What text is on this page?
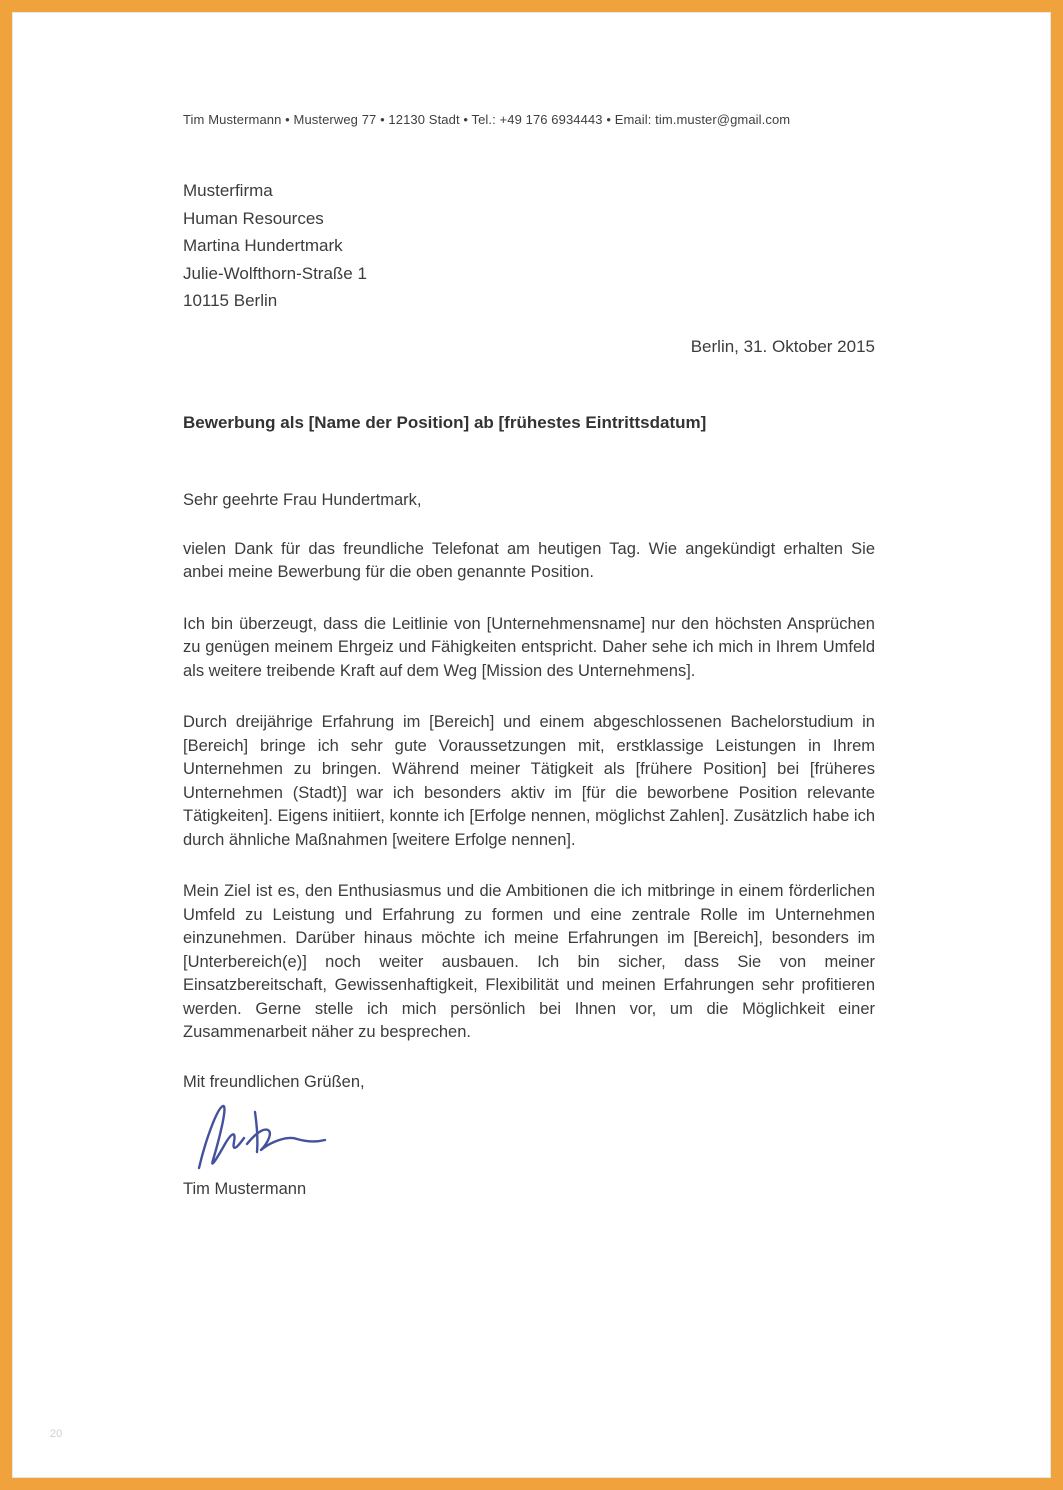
Tim Mustermann • Musterweg 77 • 12130 Stadt • Tel.: +49 176 6934443 • Email: tim.muster@gmail.com

Musterfirma
Human Resources
Martina Hundertmark
Julie-Wolfthorn-Straße 1
10115 Berlin
Berlin, 31. Oktober 2015
Bewerbung als [Name der Position] ab [frühestes Eintrittsdatum]
Sehr geehrte Frau Hundertmark,

vielen Dank für das freundliche Telefonat am heutigen Tag. Wie angekündigt erhalten Sie anbei meine Bewerbung für die oben genannte Position.

Ich bin überzeugt, dass die Leitlinie von [Unternehmensname] nur den höchsten Ansprüchen zu genügen meinem Ehrgeiz und Fähigkeiten entspricht. Daher sehe ich mich in Ihrem Umfeld als weitere treibende Kraft auf dem Weg [Mission des Unternehmens].

Durch dreijährige Erfahrung im [Bereich] und einem abgeschlossenen Bachelorstudium in [Bereich] bringe ich sehr gute Voraussetzungen mit, erstklassige Leistungen in Ihrem Unternehmen zu bringen. Während meiner Tätigkeit als [frühere Position] bei [früheres Unternehmen (Stadt)] war ich besonders aktiv im [für die beworbene Position relevante Tätigkeiten]. Eigens initiiert, konnte ich [Erfolge nennen, möglichst Zahlen]. Zusätzlich habe ich durch ähnliche Maßnahmen [weitere Erfolge nennen].

Mein Ziel ist es, den Enthusiasmus und die Ambitionen die ich mitbringe in einem förderlichen Umfeld zu Leistung und Erfahrung zu formen und eine zentrale Rolle im Unternehmen einzunehmen. Darüber hinaus möchte ich meine Erfahrungen im [Bereich], besonders im [Unterbereich(e)] noch weiter ausbauen. Ich bin sicher, dass Sie von meiner Einsatzbereitschaft, Gewissenhaftigkeit, Flexibilität und meinen Erfahrungen sehr profitieren werden. Gerne stelle ich mich persönlich bei Ihnen vor, um die Möglichkeit einer Zusammenarbeit näher zu besprechen.

Mit freundlichen Grüßen,
Tim Mustermann
20
